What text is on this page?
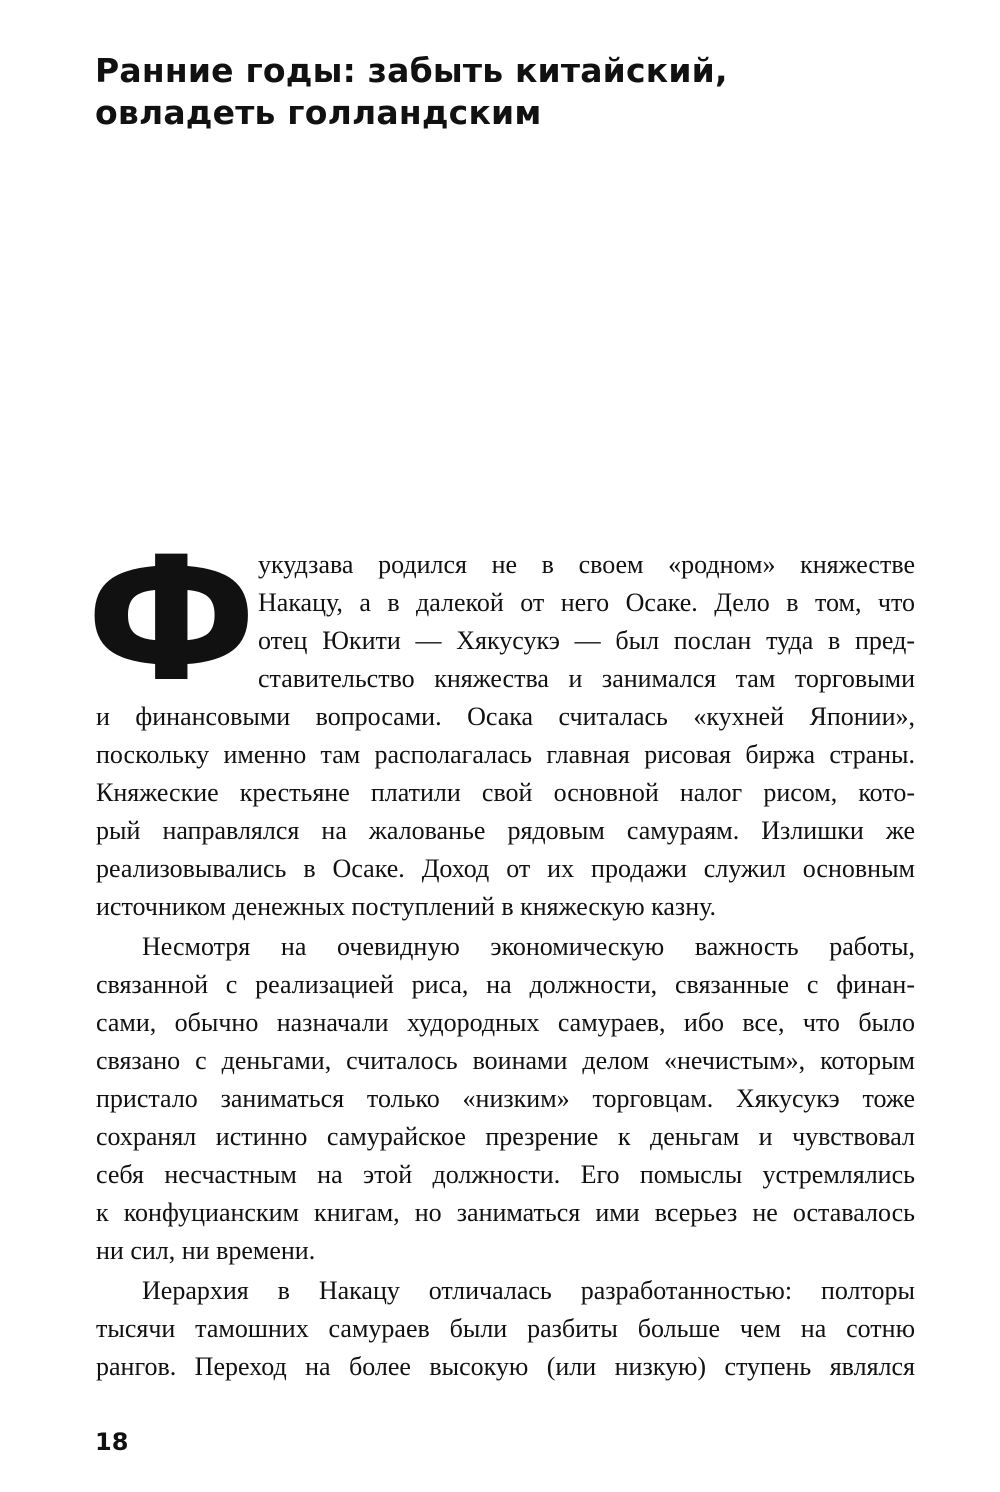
Ранние годы: забыть китайский,
овладеть голландским
Ф укудзава родился не в своем «родном» княжестве

Накацу, а в далекой от него Осаке. Дело в том, что

отец Юкити — Хякусукэ — был послан туда в пред-

ставительство княжества и занимался там торговыми

и финансовыми вопросами. Осака считалась «кухней Японии»,

поскольку именно там располагалась главная рисовая биржа страны.

Княжеские крестьяне платили свой основной налог рисом, кото-

рый направлялся на жалованье рядовым самураям. Излишки же

реализовывались в Осаке. Доход от их продажи служил основным

источником денежных поступлений в княжескую казну.

Несмотря на очевидную экономическую важность работы,

связанной с реализацией риса, на должности, связанные с финан-

сами, обычно назначали худородных самураев, ибо все, что было

связано с деньгами, считалось воинами делом «нечистым», которым

пристало заниматься только «низким» торговцам. Хякусукэ тоже

сохранял истинно самурайское презрение к деньгам и чувствовал

себя несчастным на этой должности. Его помыслы устремлялись

к конфуцианским книгам, но заниматься ими всерьез не оставалось

ни сил, ни времени.

Иерархия в Накацу отличалась разработанностью: полторы

тысячи тамошних самураев были разбиты больше чем на сотню

рангов. Переход на более высокую (или низкую) ступень являлся

18
